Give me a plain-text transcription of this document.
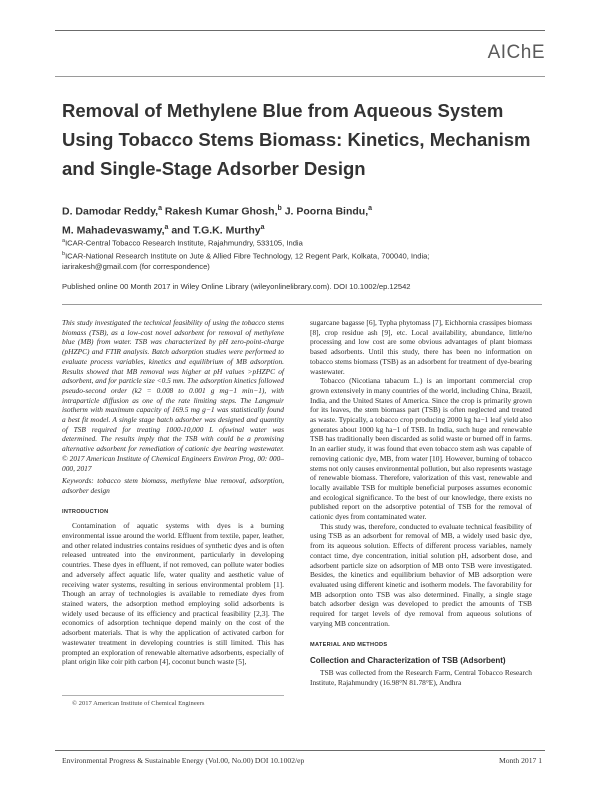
AIChE
Removal of Methylene Blue from Aqueous System Using Tobacco Stems Biomass: Kinetics, Mechanism and Single-Stage Adsorber Design
D. Damodar Reddy,$^a$ Rakesh Kumar Ghosh,$^b$ J. Poorna Bindu,$^a$
M. Mahadevaswamy,$^a$ and T.G.K. Murthy$^a$
$^a$ICAR-Central Tobacco Research Institute, Rajahmundry, 533105, India
$^b$ICAR-National Research Institute on Jute & Allied Fibre Technology, 12 Regent Park, Kolkata, 700040, India;
iarirakesh@gmail.com (for correspondence)
Published online 00 Month 2017 in Wiley Online Library (wileyonlinelibrary.com). DOI 10.1002/ep.12542

This study investigated the technical feasibility of using the tobacco stems biomass (TSB), as a low-cost novel adsorbent for removal of methylene blue (MB) from water. TSB was characterized by pH zero-point-charge (pHZPC) and FTIR analysis. Batch adsorption studies were performed to evaluate process variables, kinetics and equilibrium of MB adsorption. Results showed that MB removal was higher at pH values >pHZPC of adsorbent, and for particle size <0.5 mm. The adsorption kinetics followed pseudo-second order (k2 = 0.008 to 0.001 g mg−1 min−1), with intraparticle diffusion as one of the rate limiting steps. The Langmuir isotherm with maximum capacity of 169.5 mg g−1 was statistically found a best fit model. A single stage batch adsorber was designed and quantity of TSB required for treating 1000-10,000 L ofswinal water was determined. The results imply that the TSB with could be a promising alternative adsorbent for remediation of cationic dye bearing wastewater. © 2017 American Institute of Chemical Engineers Environ Prog, 00: 000–000, 2017

Keywords: tobacco stem biomass, methylene blue removal, adsorption, adsorber design

INTRODUCTION

Contamination of aquatic systems with dyes is a burning environmental issue around the world. Effluent from textile, paper, leather, and other related industries contains residues of synthetic dyes and is often released untreated into the environment, particularly in developing countries. These dyes in effluent, if not removed, can pollute water bodies and adversely affect aquatic life, water quality and aesthetic value of receiving water systems, resulting in serious environmental problem [1]. Though an array of technologies is available to remediate dyes from stained waters, the adsorption method employing solid adsorbents is widely used because of its efficiency and practical feasibility [2,3]. The economics of adsorption technique depend mainly on the cost of the adsorbent materials. That is why the application of activated carbon for wastewater treatment in developing countries is still limited. This has prompted an exploration of renewable alternative adsorbents, especially of plant origin like coir pith carbon [4], coconut bunch waste [5],

sugarcane bagasse [6], Typha phytomass [7], Eichhornia crassipes biomass [8], crop residue ash [9], etc. Local availability, abundance, little/no processing and low cost are some obvious advantages of plant biomass based adsorbents. Until this study, there has been no information on tobacco stems biomass (TSB) as an adsorbent for treatment of dye-bearing wastewater.

Tobacco (Nicotiana tabacum L.) is an important commercial crop grown extensively in many countries of the world, including China, Brazil, India, and the United States of America. Since the crop is primarily grown for its leaves, the stem biomass part (TSB) is often neglected and treated as waste. Typically, a tobacco crop producing 2000 kg ha−1 leaf yield also generates about 1000 kg ha−1 of TSB. In India, such huge and renewable TSB has traditionally been discarded as solid waste or burned off in farms. In an earlier study, it was found that even tobacco stem ash was capable of removing cationic dye, MB, from water [10]. However, burning of tobacco stems not only causes environmental pollution, but also represents wastage of renewable biomass. Therefore, valorization of this vast, renewable and locally available TSB for multiple beneficial purposes assumes economic and ecological significance. To the best of our knowledge, there exists no published report on the adsorptive potential of TSB for the removal of cationic dyes from contaminated water.

This study was, therefore, conducted to evaluate technical feasibility of using TSB as an adsorbent for removal of MB, a widely used basic dye, from its aqueous solution. Effects of different process variables, namely contact time, dye concentration, initial solution pH, adsorbent dose, and adsorbent particle size on adsorption of MB onto TSB were investigated. Besides, the kinetics and equilibrium behavior of MB adsorption were evaluated using different kinetic and isotherm models. The favorability for MB adsorption onto TSB was also determined. Finally, a single stage batch adsorber design was developed to predict the amounts of TSB required for target levels of dye removal from aqueous solutions of varying MB concentration.

MATERIAL AND METHODS
Collection and Characterization of TSB (Adsorbent)

TSB was collected from the Research Farm, Central Tobacco Research Institute, Rajahmundry (16.98°N 81.78°E), Andhra

© 2017 American Institute of Chemical Engineers
Environmental Progress & Sustainable Energy (Vol.00, No.00) DOI 10.1002/ep	Month 2017 1
